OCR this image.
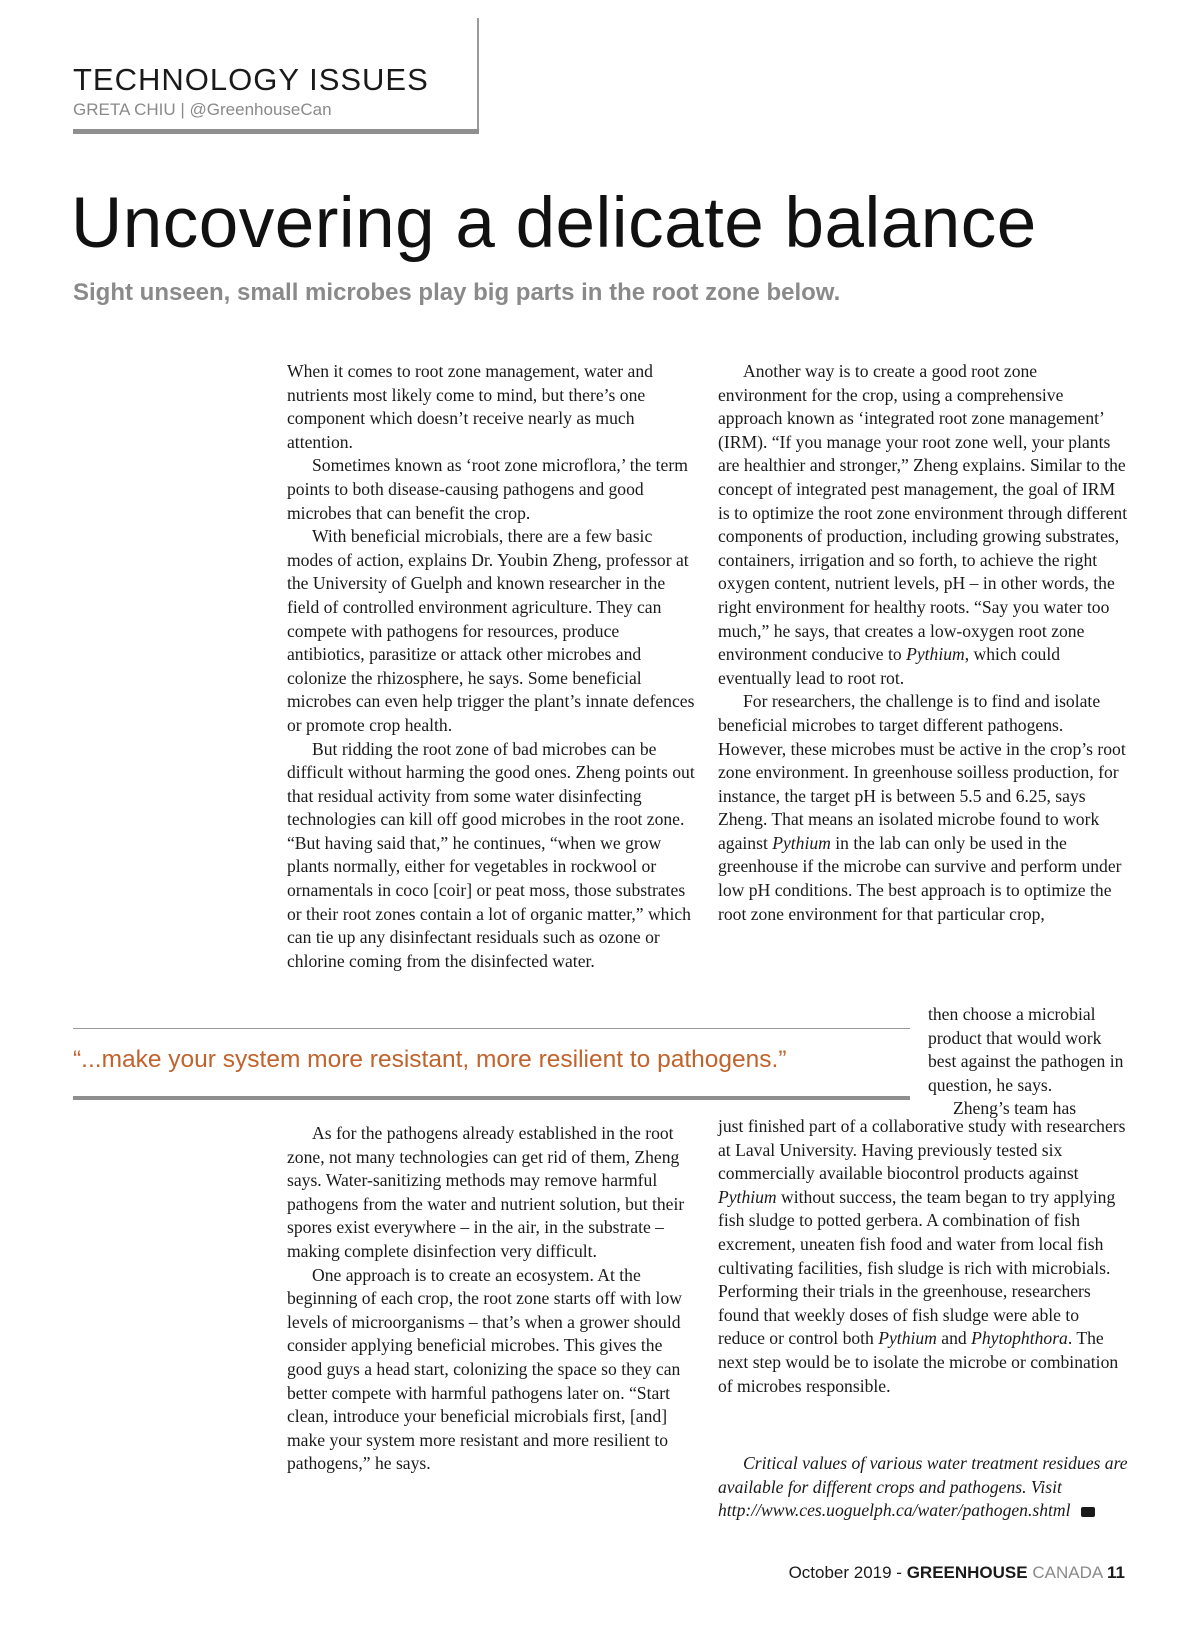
TECHNOLOGY ISSUES
GRETA CHIU | @GreenhouseCan
Uncovering a delicate balance
Sight unseen, small microbes play big parts in the root zone below.

When it comes to root zone management, water and nutrients most likely come to mind, but there’s one component which doesn’t receive nearly as much attention.

Sometimes known as ‘root zone microflora,’ the term points to both disease-causing pathogens and good microbes that can benefit the crop.

With beneficial microbials, there are a few basic modes of action, explains Dr. Youbin Zheng, professor at the University of Guelph and known researcher in the field of controlled environment agriculture. They can compete with pathogens for resources, produce antibiotics, parasitize or attack other microbes and colonize the rhizosphere, he says. Some beneficial microbes can even help trigger the plant’s innate defences or promote crop health.

But ridding the root zone of bad microbes can be difficult without harming the good ones. Zheng points out that residual activity from some water disinfecting technologies can kill off good microbes in the root zone. “But having said that,” he continues, “when we grow plants normally, either for vegetables in rockwool or ornamentals in coco [coir] or peat moss, those substrates or their root zones contain a lot of organic matter,” which can tie up any disinfectant residuals such as ozone or chlorine coming from the disinfected water.

Another way is to create a good root zone environment for the crop, using a comprehensive approach known as ‘integrated root zone management’ (IRM). “If you manage your root zone well, your plants are healthier and stronger,” Zheng explains. Similar to the concept of integrated pest management, the goal of IRM is to optimize the root zone environment through different components of production, including growing substrates, containers, irrigation and so forth, to achieve the right oxygen content, nutrient levels, pH – in other words, the right environment for healthy roots. “Say you water too much,” he says, that creates a low-oxygen root zone environment conducive to Pythium, which could eventually lead to root rot.

For researchers, the challenge is to find and isolate beneficial microbes to target different pathogens. However, these microbes must be active in the crop’s root zone environment. In greenhouse soilless production, for instance, the target pH is between 5.5 and 6.25, says Zheng. That means an isolated microbe found to work against Pythium in the lab can only be used in the greenhouse if the microbe can survive and perform under low pH conditions. The best approach is to optimize the

root zone environment for that particular crop,
then choose a microbial product that would work best against the pathogen in question, he says.

Zheng’s team has

“...make your system more resistant, more resilient to pathogens.”

As for the pathogens already established in the root zone, not many technologies can get rid of them, Zheng says. Water-sanitizing methods may remove harmful pathogens from the water and nutrient solution, but their spores exist everywhere – in the air, in the substrate – making complete disinfection very difficult.

One approach is to create an ecosystem. At the beginning of each crop, the root zone starts off with low levels of microorganisms – that’s when a grower should consider applying beneficial microbes. This gives the good guys a head start, colonizing the space so they can better compete with harmful pathogens later on. “Start clean, introduce your beneficial microbials first, [and] make your system more resistant and more resilient to pathogens,” he says.

just finished part of a collaborative study with researchers at Laval University. Having previously tested six commercially available biocontrol products against Pythium without success, the team began to try applying fish sludge to potted gerbera. A combination of fish excrement, uneaten fish food and water from local fish cultivating facilities, fish sludge is rich with microbials. Performing their trials in the greenhouse, researchers found that weekly doses of fish sludge were able to reduce or control both Pythium and Phytophthora. The next step would be to isolate the microbe or combination of microbes responsible.

Critical values of various water treatment residues are available for different crops and pathogens. Visit http://www.ces.uoguelph.ca/water/pathogen.shtml	GC

October 2019 - GREENHOUSE CANADA 11
